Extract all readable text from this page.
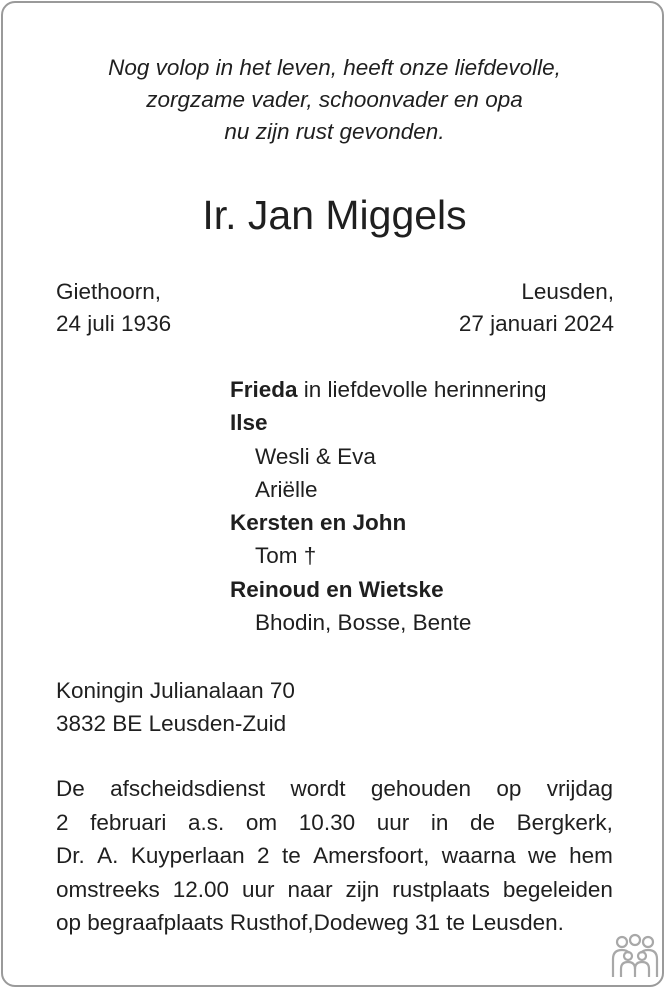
Nog volop in het leven, heeft onze liefdevolle,
zorgzame vader, schoonvader en opa
nu zijn rust gevonden.
Ir. Jan Miggels
Giethoorn,
24 juli 1936
Leusden,
27 januari 2024
Frieda in liefdevolle herinnering
Ilse
Wesli & Eva
Ariëlle
Kersten en John
Tom †
Reinoud en Wietske
Bhodin, Bosse, Bente
Koningin Julianalaan 70
3832 BE Leusden-Zuid
De afscheidsdienst wordt gehouden op vrijdag
2 februari a.s. om 10.30 uur in de Bergkerk,
Dr. A. Kuyperlaan 2 te Amersfoort, waarna we hem
omstreeks 12.00 uur naar zijn rustplaats begeleiden
op begraafplaats Rusthof,Dodeweg 31 te Leusden.
